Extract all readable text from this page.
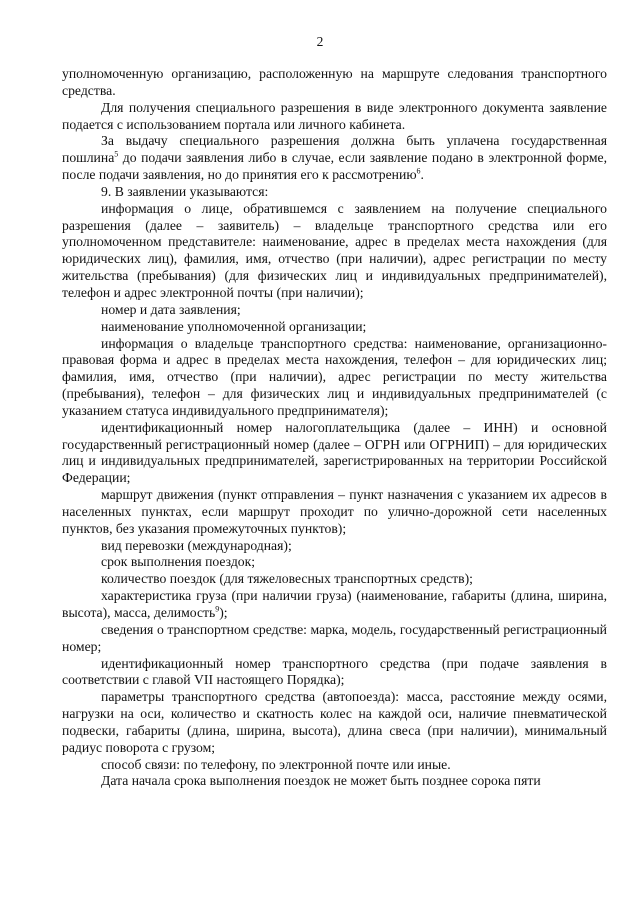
2

уполномоченную организацию, расположенную на маршруте следования транспортного средства.

Для получения специального разрешения в виде электронного документа заявление подается с использованием портала или личного кабинета.

За выдачу специального разрешения должна быть уплачена государственная пошлина$^5$ до подачи заявления либо в случае, если заявление подано в электронной форме, после подачи заявления, но до принятия его к рассмотрению$^6$.

9. В заявлении указываются:

информация о лице, обратившемся с заявлением на получение специального разрешения (далее – заявитель) – владельце транспортного средства или его уполномоченном представителе: наименование, адрес в пределах места нахождения (для юридических лиц), фамилия, имя, отчество (при наличии), адрес регистрации по месту жительства (пребывания) (для физических лиц и индивидуальных предпринимателей), телефон и адрес электронной почты (при наличии);

номер и дата заявления;

наименование уполномоченной организации;

информация о владельце транспортного средства: наименование, организационно-правовая форма и адрес в пределах места нахождения, телефон – для юридических лиц; фамилия, имя, отчество (при наличии), адрес регистрации по месту жительства (пребывания), телефон – для физических лиц и индивидуальных предпринимателей (с указанием статуса индивидуального предпринимателя);

идентификационный номер налогоплательщика (далее – ИНН) и основной государственный регистрационный номер (далее – ОГРН или ОГРНИП) – для юридических лиц и индивидуальных предпринимателей, зарегистрированных на территории Российской Федерации;

маршрут движения (пункт отправления – пункт назначения с указанием их адресов в населенных пунктах, если маршрут проходит по улично-дорожной сети населенных пунктов, без указания промежуточных пунктов);

вид перевозки (международная);

срок выполнения поездок;

количество поездок (для тяжеловесных транспортных средств);

характеристика груза (при наличии груза) (наименование, габариты (длина, ширина, высота), масса, делимость$^9$);

сведения о транспортном средстве: марка, модель, государственный регистрационный номер;

идентификационный номер транспортного средства (при подаче заявления в соответствии с главой VII настоящего Порядка);

параметры транспортного средства (автопоезда): масса, расстояние между осями, нагрузки на оси, количество и скатность колес на каждой оси, наличие пневматической подвески, габариты (длина, ширина, высота), длина свеса (при наличии), минимальный радиус поворота с грузом;

способ связи: по телефону, по электронной почте или иные.

Дата начала срока выполнения поездок не может быть позднее сорока пяти
